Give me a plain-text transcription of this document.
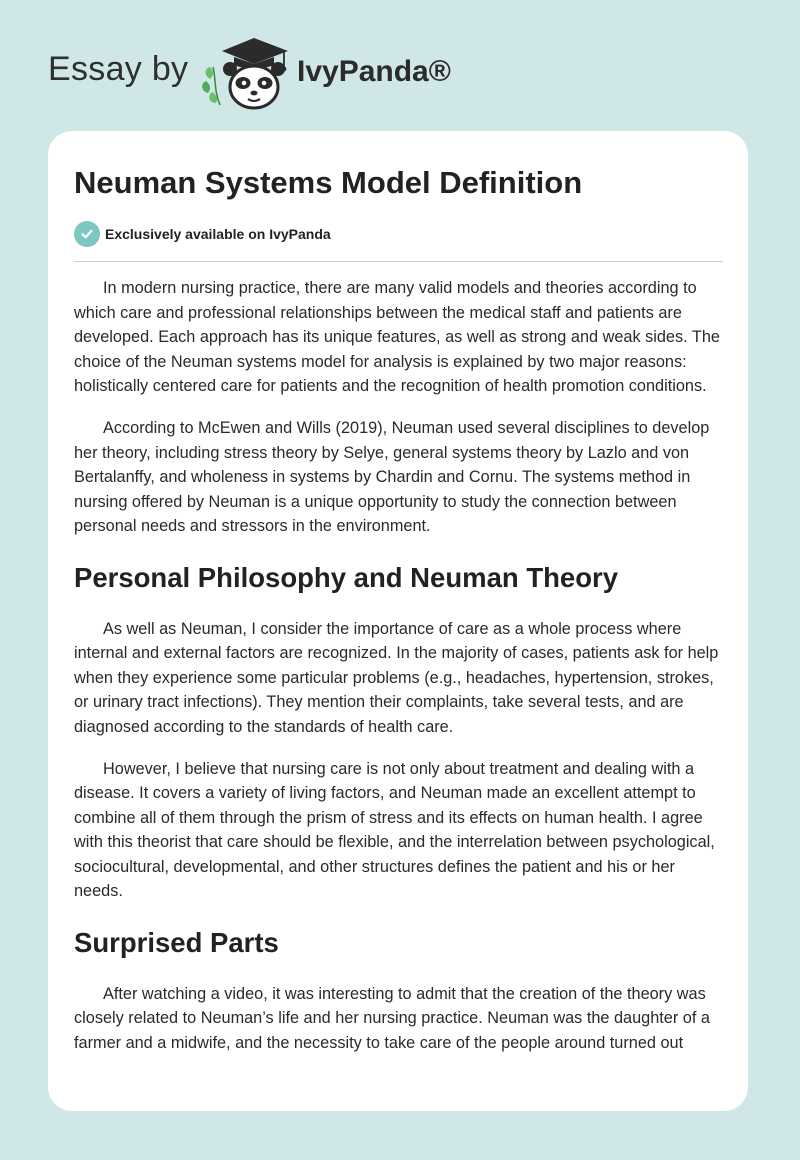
Essay by	IvyPanda®
Neuman Systems Model Definition
Exclusively available on IvyPanda

In modern nursing practice, there are many valid models and theories according to which care and professional relationships between the medical staff and patients are developed. Each approach has its unique features, as well as strong and weak sides. The choice of the Neuman systems model for analysis is explained by two major reasons: holistically centered care for patients and the recognition of health promotion conditions.

According to McEwen and Wills (2019), Neuman used several disciplines to develop her theory, including stress theory by Selye, general systems theory by Lazlo and von Bertalanffy, and wholeness in systems by Chardin and Cornu. The systems method in nursing offered by Neuman is a unique opportunity to study the connection between personal needs and stressors in the environment.

Personal Philosophy and Neuman Theory

As well as Neuman, I consider the importance of care as a whole process where internal and external factors are recognized. In the majority of cases, patients ask for help when they experience some particular problems (e.g., headaches, hypertension, strokes, or urinary tract infections). They mention their complaints, take several tests, and are diagnosed according to the standards of health care.

However, I believe that nursing care is not only about treatment and dealing with a disease. It covers a variety of living factors, and Neuman made an excellent attempt to combine all of them through the prism of stress and its effects on human health. I agree with this theorist that care should be flexible, and the interrelation between psychological, sociocultural, developmental, and other structures defines the patient and his or her needs.

Surprised Parts

After watching a video, it was interesting to admit that the creation of the theory was closely related to Neuman’s life and her nursing practice. Neuman was the daughter of a farmer and a midwife, and the necessity to take care of the people around turned out
